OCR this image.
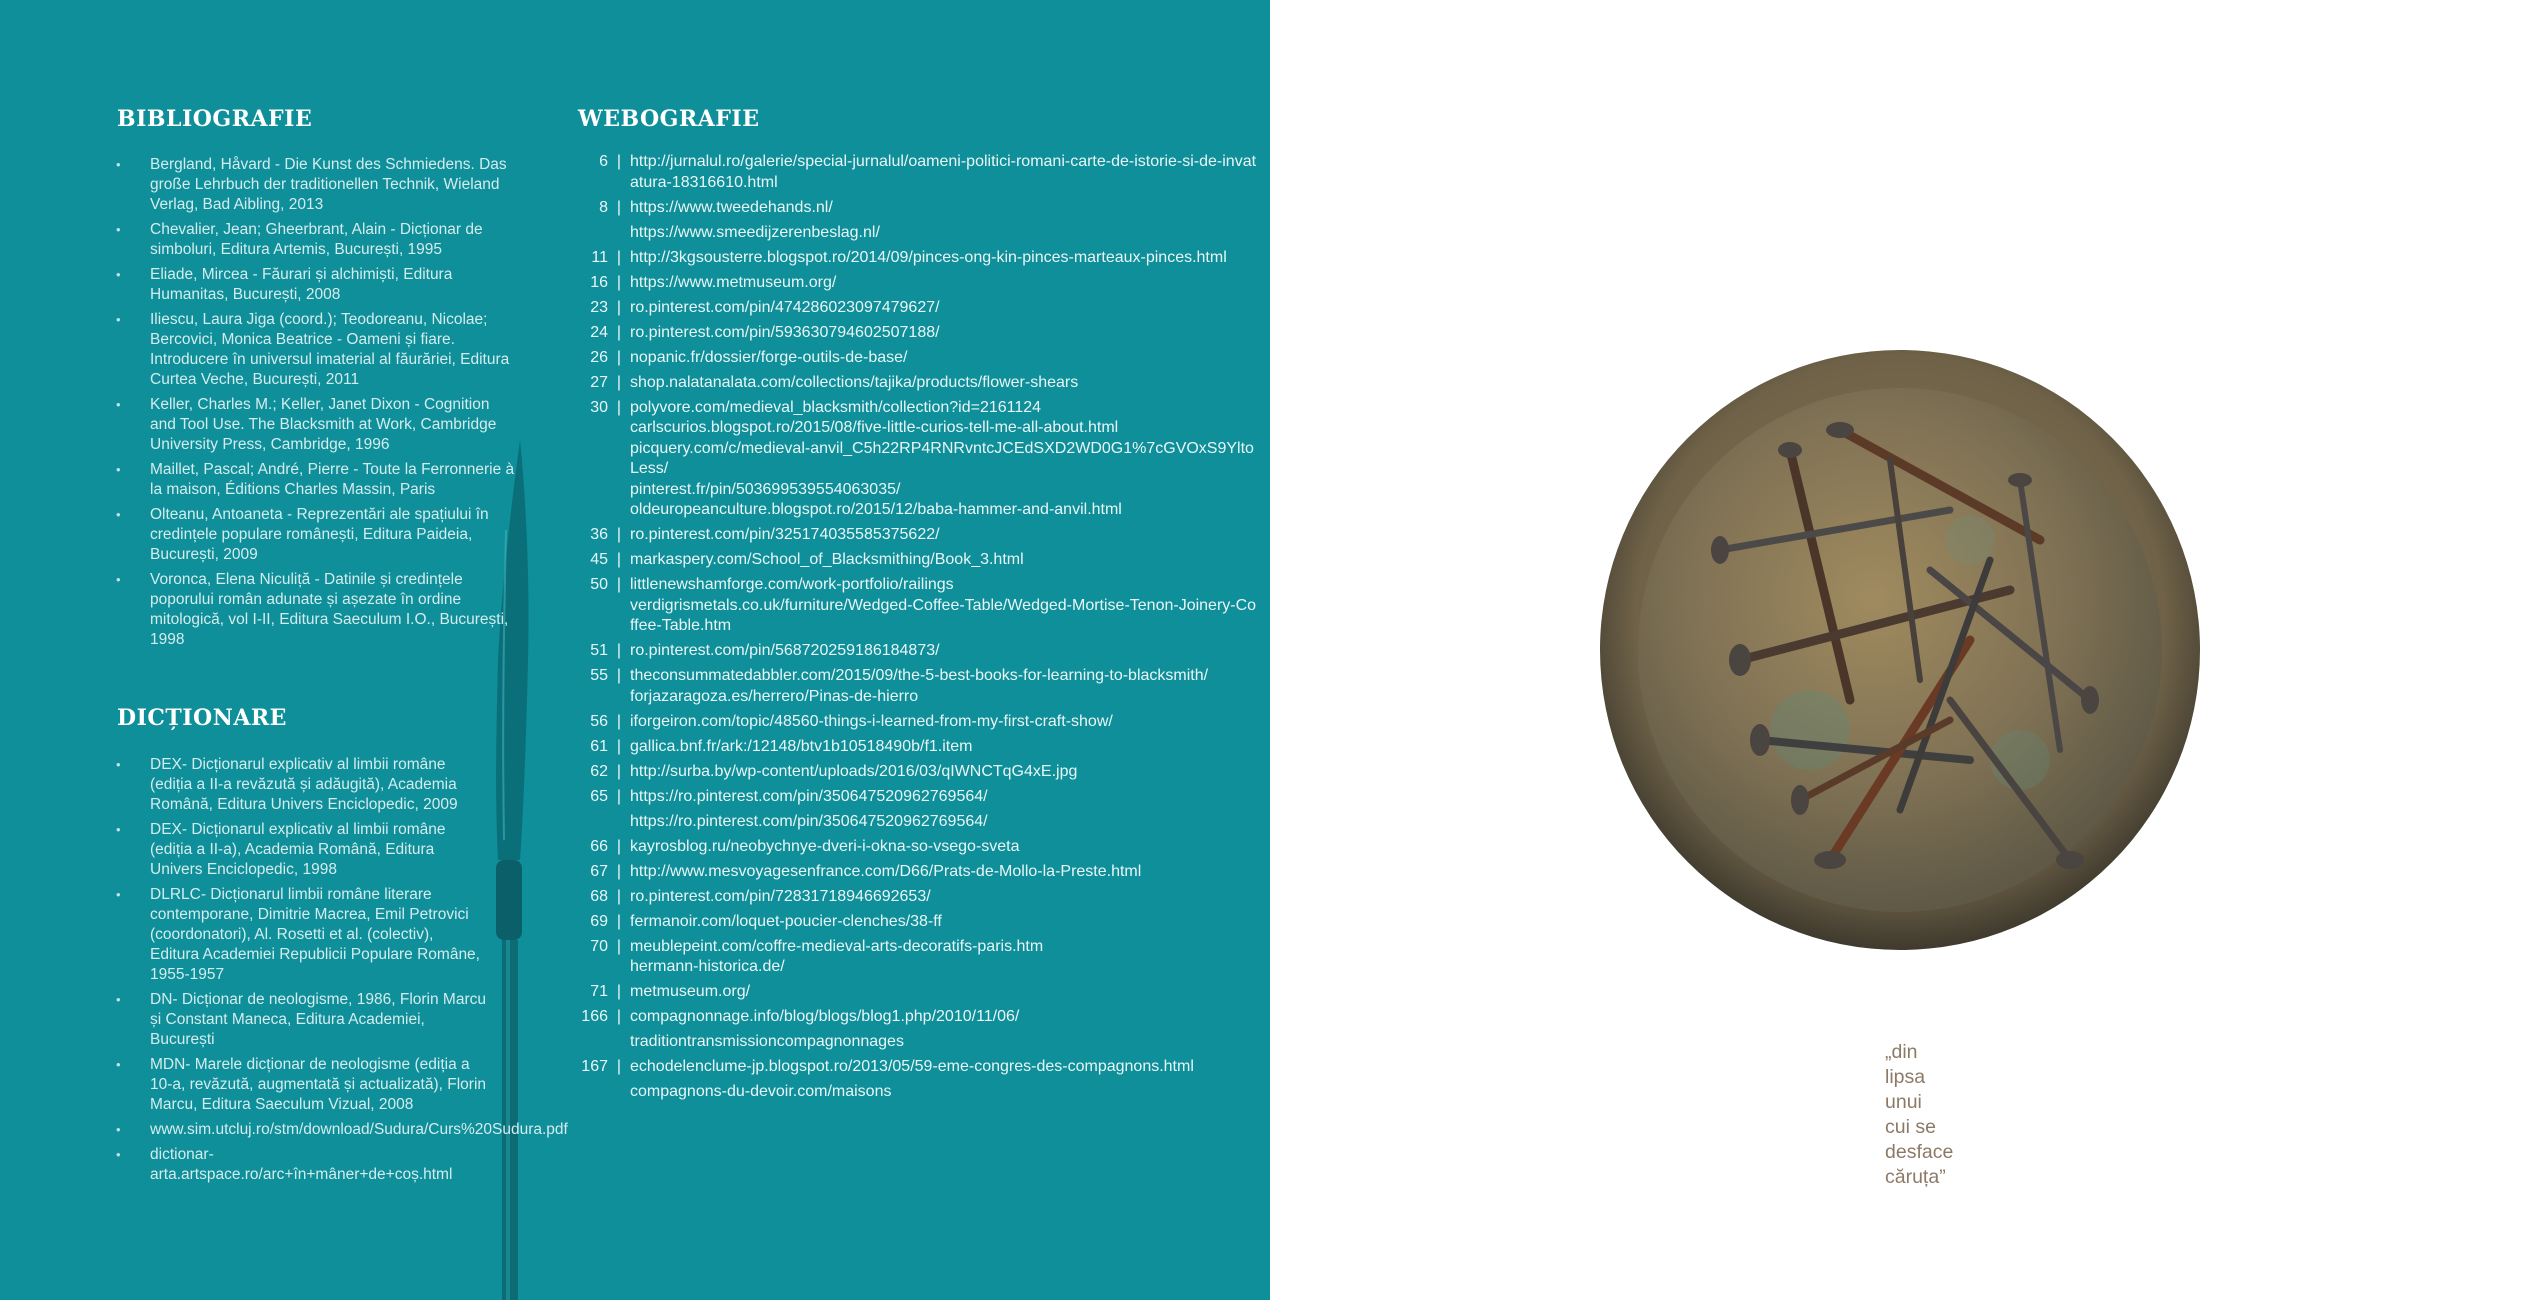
BIBLIOGRAFIE
• Bergland, Håvard - Die Kunst des Schmiedens. Das große Lehrbuch der traditionellen Technik, Wieland Verlag, Bad Aibling, 2013
• Chevalier, Jean; Gheerbrant, Alain - Dicționar de simboluri, Editura Artemis, București, 1995
• Eliade, Mircea - Făurari și alchimiști, Editura Humanitas, București, 2008
• Iliescu, Laura Jiga (coord.); Teodoreanu, Nicolae; Bercovici, Monica Beatrice - Oameni și fiare. Introducere în universul imaterial al făurăriei, Editura Curtea Veche, București, 2011
• Keller, Charles M.; Keller, Janet Dixon - Cognition and Tool Use. The Blacksmith at Work, Cambridge University Press, Cambridge, 1996
• Maillet, Pascal; André, Pierre - Toute la Ferronnerie à la maison, Éditions Charles Massin, Paris
• Olteanu, Antoaneta - Reprezentări ale spațiului în credințele populare românești, Editura Paideia, București, 2009
• Voronca, Elena Niculiță - Datinile și credințele poporului român adunate și așezate în ordine mitologică, vol I-II, Editura Saeculum I.O., București, 1998
DICȚIONARE
• DEX- Dicționarul explicativ al limbii române (ediția a II-a revăzută și adăugită), Academia Română, Editura Univers Enciclopedic, 2009
• DEX- Dicționarul explicativ al limbii române (ediția a II-a), Academia Română, Editura Univers Enciclopedic, 1998
• DLRLC- Dicționarul limbii române literare contemporane, Dimitrie Macrea, Emil Petrovici (coordonatori), Al. Rosetti et al. (colectiv), Editura Academiei Republicii Populare Române, 1955-1957
• DN- Dicționar de neologisme, 1986, Florin Marcu și Constant Maneca, Editura Academiei, București
• MDN- Marele dicționar de neologisme (ediția a 10-a, revăzută, augmentată și actualizată), Florin Marcu, Editura Saeculum Vizual, 2008
• www.sim.utcluj.ro/stm/download/Sudura/Curs%20Sudura.pdf
• dictionar-arta.artspace.ro/arc+în+mâner+de+coș.html
WEBOGRAFIE
6 | http://jurnalul.ro/galerie/special-jurnalul/oameni-politici-romani-carte-de-istorie-si-de-invatatura-18316610.html
8 | https://www.tweedehands.nl/
https://www.smeedijzerenbeslag.nl/
11 | http://3kgsousterre.blogspot.ro/2014/09/pinces-ong-kin-pinces-marteaux-pinces.html
16 | https://www.metmuseum.org/
23 | ro.pinterest.com/pin/474286023097479627/
24 | ro.pinterest.com/pin/593630794602507188/
26 | nopanic.fr/dossier/forge-outils-de-base/
27 | shop.nalatanalata.com/collections/tajika/products/flower-shears
30 | polyvore.com/medieval_blacksmith/collection?id=2161124
carlscurios.blogspot.ro/2015/08/five-little-curios-tell-me-all-about.html
picquery.com/c/medieval-anvil_C5h22RP4RNRvntcJCEdSXD2WD0G1%7cGVOxS9YltoLess/
pinterest.fr/pin/503699539554063035/
oldeuropeanculture.blogspot.ro/2015/12/baba-hammer-and-anvil.html
36 | ro.pinterest.com/pin/325174035585375622/
45 | markaspery.com/School_of_Blacksmithing/Book_3.html
50 | littlenewshamforge.com/work-portfolio/railings
verdigrismetals.co.uk/furniture/Wedged-Coffee-Table/Wedged-Mortise-Tenon-Joinery-Coffee-Table.htm
51 | ro.pinterest.com/pin/568720259186184873/
55 | theconsummatedabbler.com/2015/09/the-5-best-books-for-learning-to-blacksmith/
forjazaragoza.es/herrero/Pinas-de-hierro
56 | iforgeiron.com/topic/48560-things-i-learned-from-my-first-craft-show/
61 | gallica.bnf.fr/ark:/12148/btv1b10518490b/f1.item
62 | http://surba.by/wp-content/uploads/2016/03/qIWNCTqG4xE.jpg
65 | https://ro.pinterest.com/pin/350647520962769564/
https://ro.pinterest.com/pin/350647520962769564/
66 | kayrosblog.ru/neobychnye-dveri-i-okna-so-vsego-sveta
67 | http://www.mesvoyagesenfrance.com/D66/Prats-de-Mollo-la-Preste.html
68 | ro.pinterest.com/pin/72831718946692653/
69 | fermanoir.com/loquet-poucier-clenches/38-ff
70 | meublepeint.com/coffre-medieval-arts-decoratifs-paris.htm
hermann-historica.de/
71 | metmuseum.org/
166 | compagnonnage.info/blog/blogs/blog1.php/2010/11/06/
traditiontransmissioncompagnonnages
167 | echodelenclume-jp.blogspot.ro/2013/05/59-eme-congres-des-compagnons.html
compagnons-du-devoir.com/maisons
„din
lipsa
unui
cui se
desface
căruța”
